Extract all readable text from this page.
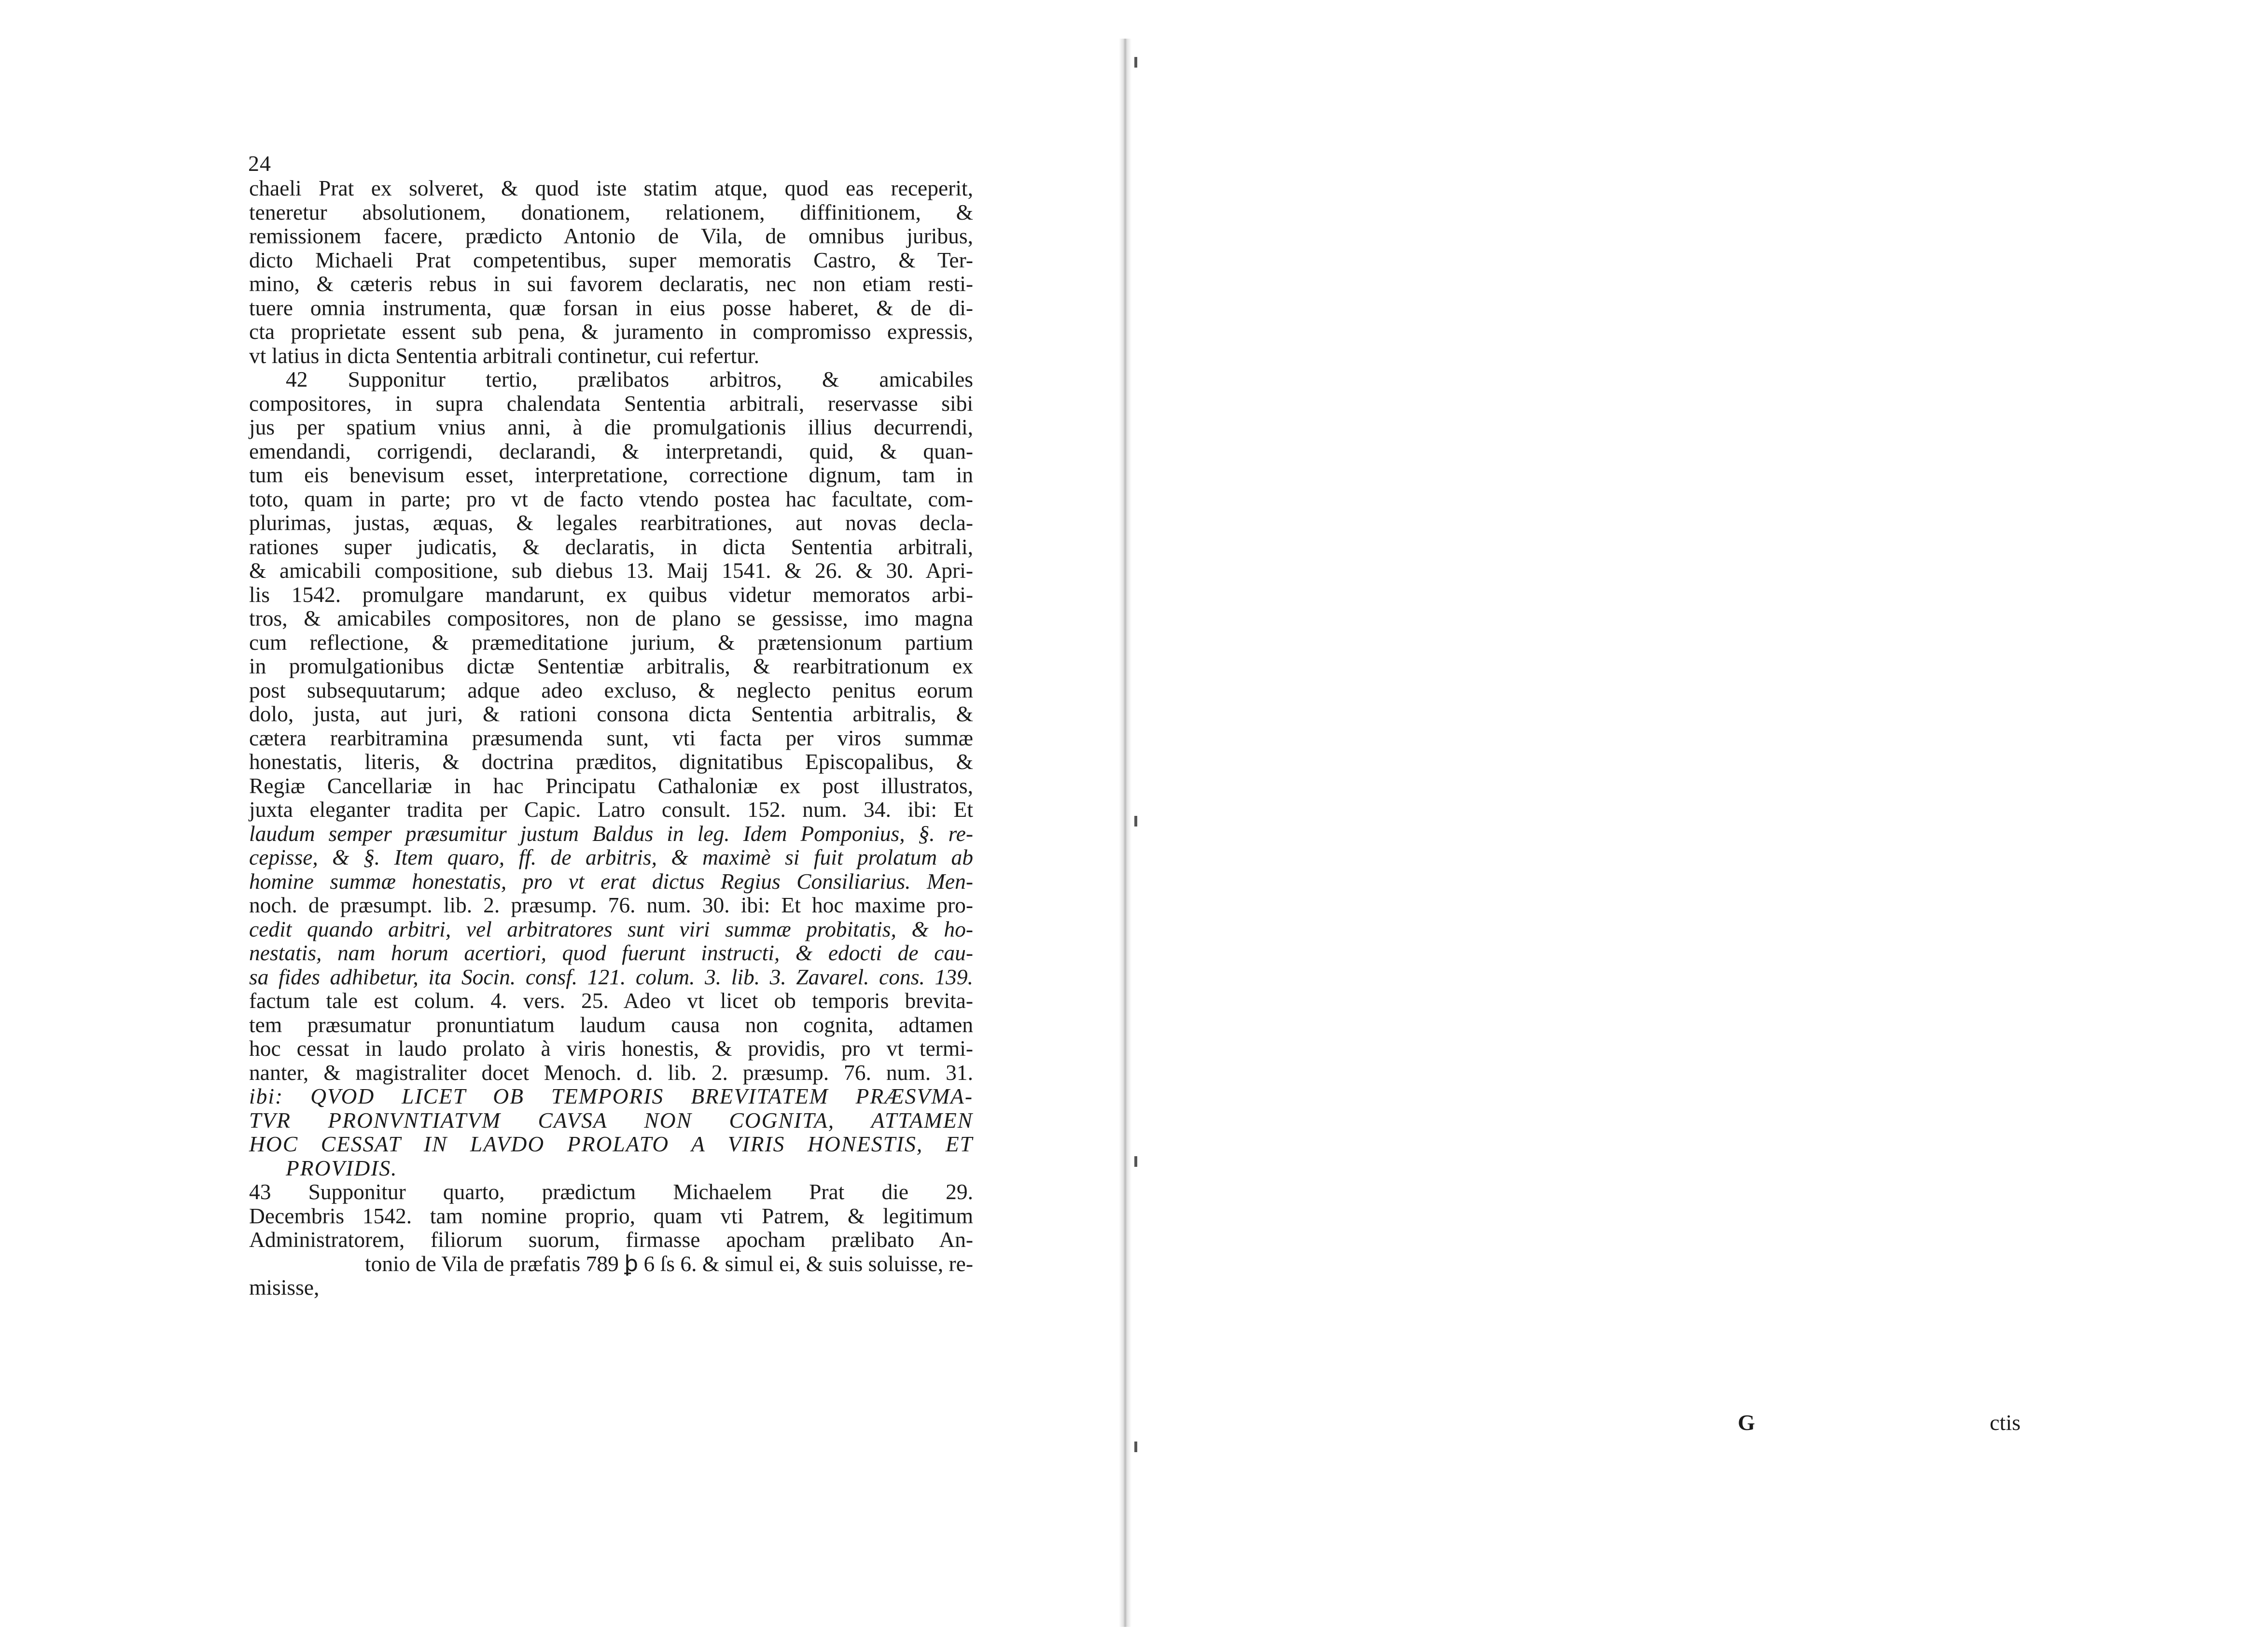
24
chaeli Prat ex solveret, & quod iste statim atque, quod eas receperit,
teneretur absolutionem, donationem, relationem, diffinitionem, &
remissionem facere, prædicto Antonio de Vila, de omnibus juribus,
dicto Michaeli Prat competentibus, super memoratis Castro, & Ter-
mino, & cæteris rebus in sui favorem declaratis, nec non etiam resti-
tuere omnia instrumenta, quæ forsan in eius posse haberet, & de di-
cta proprietate essent sub pena, & juramento in compromisso expressis,
vt latius in dicta Sententia arbitrali continetur, cui refertur.
42 Supponitur tertio, prælibatos arbitros, & amicabiles
compositores, in supra chalendata Sententia arbitrali, reservasse sibi
jus per spatium vnius anni, à die promulgationis illius decurrendi,
emendandi, corrigendi, declarandi, & interpretandi, quid, & quan-
tum eis benevisum esset, interpretatione, correctione dignum, tam in
toto, quam in parte; pro vt de facto vtendo postea hac facultate, com-
plurimas, justas, æquas, & legales rearbitrationes, aut novas decla-
rationes super judicatis, & declaratis, in dicta Sententia arbitrali,
& amicabili compositione, sub diebus 13. Maij 1541. & 26. & 30. Apri-
lis 1542. promulgare mandarunt, ex quibus videtur memoratos arbi-
tros, & amicabiles compositores, non de plano se gessisse, imo magna
cum reflectione, & præmeditatione jurium, & prætensionum partium
in promulgationibus dictæ Sententiæ arbitralis, & rearbitrationum ex
post subsequutarum; adque adeo excluso, & neglecto penitus eorum
dolo, justa, aut juri, & rationi consona dicta Sententia arbitralis, &
cætera rearbitramina præsumenda sunt, vti facta per viros summæ
honestatis, literis, & doctrina præditos, dignitatibus Episcopalibus, &
Regiæ Cancellariæ in hac Principatu Cathaloniæ ex post illustratos,
juxta eleganter tradita per Capic. Latro consult. 152. num. 34. ibi: Et
laudum semper præsumitur justum Baldus in leg. Idem Pomponius, §. re-
cepisse, & §. Item quaro, ff. de arbitris, & maximè si fuit prolatum ab
homine summæ honestatis, pro vt erat dictus Regius Consiliarius. Men-
noch. de præsumpt. lib. 2. præsump. 76. num. 30. ibi: Et hoc maxime pro-
cedit quando arbitri, vel arbitratores sunt viri summæ probitatis, & ho-
nestatis, nam horum acertiori, quod fuerunt instructi, & edocti de cau-
sa fides adhibetur, ita Socin. consf. 121. colum. 3. lib. 3. Zavarel. cons. 139.
factum tale est colum. 4. vers. 25. Adeo vt licet ob temporis brevita-
tem præsumatur pronuntiatum laudum causa non cognita, adtamen
hoc cessat in laudo prolato à viris honestis, & providis, pro vt termi-
nanter, & magistraliter docet Menoch. d. lib. 2. præsump. 76. num. 31.
ibi: QVOD LICET OB TEMPORIS BREVITATEM PRÆSVMA-
TVR PRONVNTIATVM CAVSA NON COGNITA, ATTAMEN
HOC CESSAT IN LAVDO PROLATO A VIRIS HONESTIS, ET
PROVIDIS.
43 Supponitur quarto, prædictum Michaelem Prat die 29.
Decembris 1542. tam nomine proprio, quam vti Patrem, & legitimum
Administratorem, filiorum suorum, firmasse apocham prælibato An-
tonio de Vila de præfatis 789 ꝧ 6 ſs 6. & simul ei, & suis soluisse, re-
misisse,
G	ctis
